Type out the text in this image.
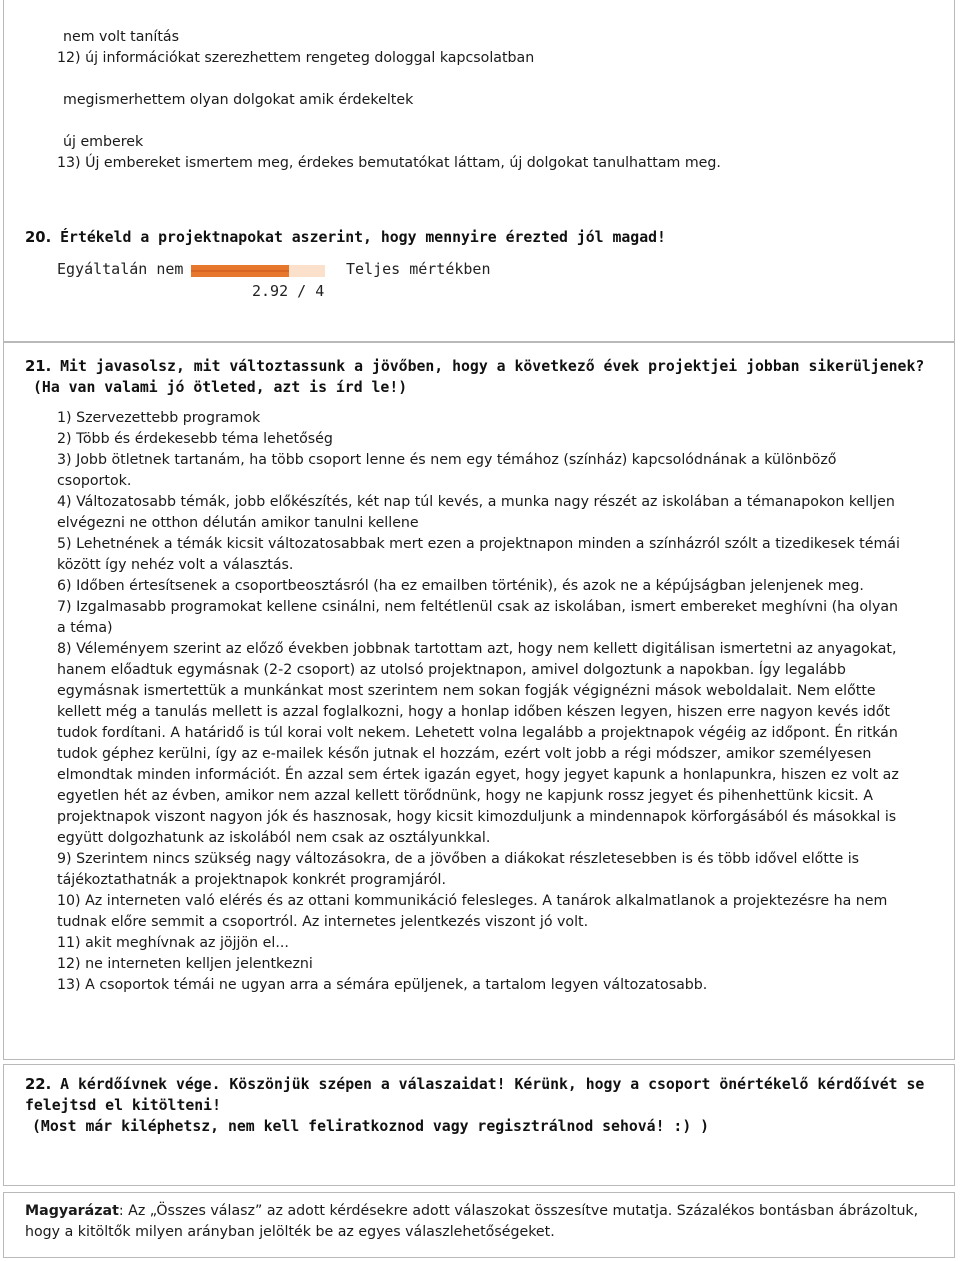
nem volt tanítás
12) új információkat szerezhettem rengeteg dologgal kapcsolatban
megismerhettem olyan dolgokat amik érdekeltek
új emberek
13) Új embereket ismertem meg, érdekes bemutatókat láttam, új dolgokat tanulhattam meg.
20. Értékeld a projektnapokat aszerint, hogy mennyire érezted jól magad!
Egyáltalán nem	Teljes mértékben
2.92 / 4
21. Mit javasolsz, mit változtassunk a jövőben, hogy a következő évek projektjei jobban sikerüljenek?
(Ha van valami jó ötleted, azt is írd le!)

1) Szervezettebb programok

2) Több és érdekesebb téma lehetőség

3) Jobb ötletnek tartanám, ha több csoport lenne és nem egy témához (színház) kapcsolódnának a különböző csoportok.

4) Változatosabb témák, jobb előkészítés, két nap túl kevés, a munka nagy részét az iskolában a témanapokon kelljen elvégezni ne otthon délután amikor tanulni kellene

5) Lehetnének a témák kicsit változatosabbak mert ezen a projektnapon minden a színházról szólt a tizedikesek témái között így nehéz volt a választás.

6) Időben értesítsenek a csoportbeosztásról (ha ez emailben történik), és azok ne a képújságban jelenjenek meg.

7) Izgalmasabb programokat kellene csinálni, nem feltétlenül csak az iskolában, ismert embereket meghívni (ha olyan a téma)

8) Véleményem szerint az előző években jobbnak tartottam azt, hogy nem kellett digitálisan ismertetni az anyagokat, hanem előadtuk egymásnak (2-2 csoport) az utolsó projektnapon, amivel dolgoztunk a napokban. Így legalább egymásnak ismertettük a munkánkat most szerintem nem sokan fogják végignézni mások weboldalait. Nem előtte kellett még a tanulás mellett is azzal foglalkozni, hogy a honlap időben készen legyen, hiszen erre nagyon kevés időt tudok fordítani. A határidő is túl korai volt nekem. Lehetett volna legalább a projektnapok végéig az időpont. Én ritkán tudok géphez kerülni, így az e-mailek későn jutnak el hozzám, ezért volt jobb a régi módszer, amikor személyesen elmondtak minden információt. Én azzal sem értek igazán egyet, hogy jegyet kapunk a honlapunkra, hiszen ez volt az egyetlen hét az évben, amikor nem azzal kellett törődnünk, hogy ne kapjunk rossz jegyet és pihenhettünk kicsit. A projektnapok viszont nagyon jók és hasznosak, hogy kicsit kimozduljunk a mindennapok körforgásából és másokkal is együtt dolgozhatunk az iskolából nem csak az osztályunkkal.

9) Szerintem nincs szükség nagy változásokra, de a jövőben a diákokat részletesebben is és több idővel előtte is tájékoztathatnák a projektnapok konkrét programjáról.

10) Az interneten való elérés és az ottani kommunikáció felesleges. A tanárok alkalmatlanok a projektezésre ha nem tudnak előre semmit a csoportról. Az internetes jelentkezés viszont jó volt.

11) akit meghívnak az jöjjön el...

12) ne interneten kelljen jelentkezni

13) A csoportok témái ne ugyan arra a sémára epüljenek, a tartalom legyen változatosabb.

22. A kérdőívnek vége. Köszönjük szépen a válaszaidat! Kérünk, hogy a csoport önértékelő kérdőívét se felejtsd el kitölteni!

(Most már kiléphetsz, nem kell feliratkoznod vagy regisztrálnod sehová! :) )

Magyarázat: Az „Összes válasz” az adott kérdésekre adott válaszokat összesítve mutatja. Százalékos bontásban ábrázoltuk, hogy a kitöltők milyen arányban jelölték be az egyes válaszlehetőségeket.
